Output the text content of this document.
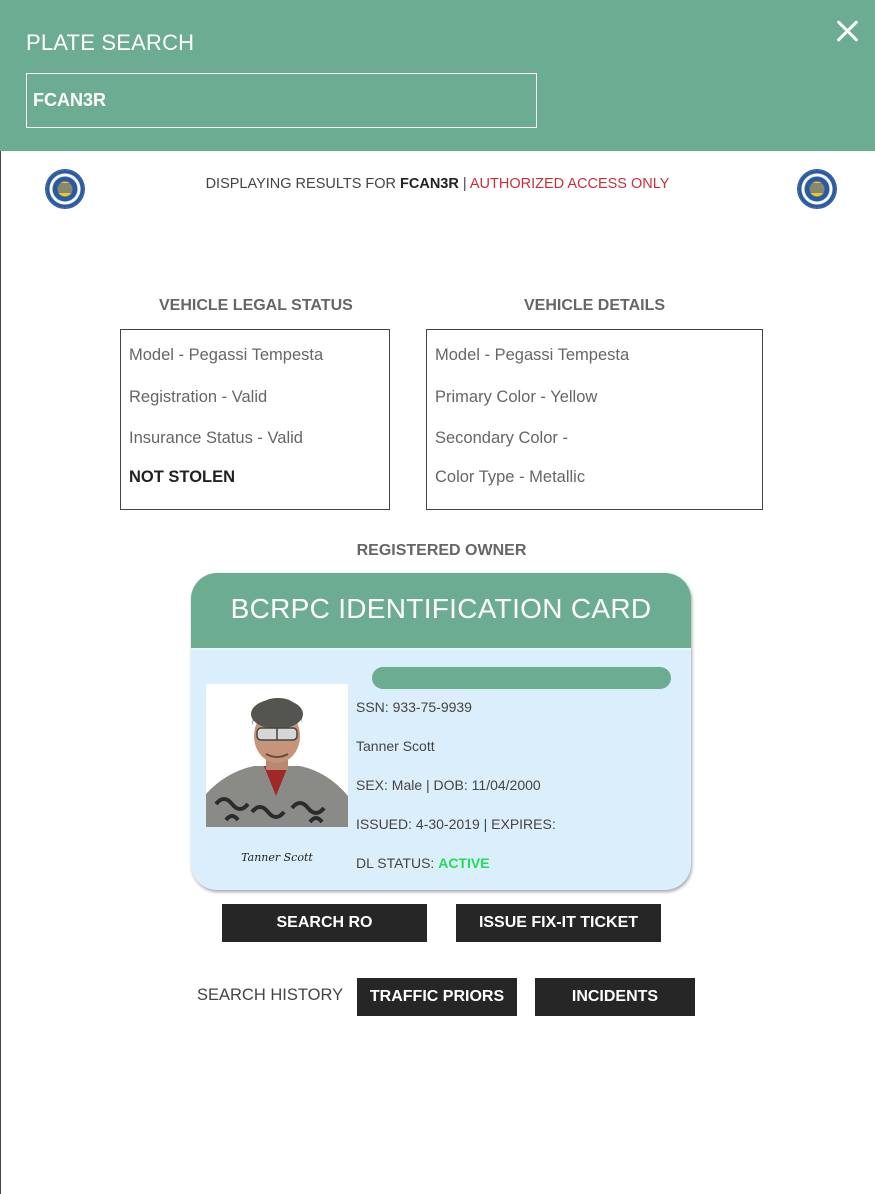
PLATE SEARCH
FCAN3R
DISPLAYING RESULTS FOR FCAN3R | AUTHORIZED ACCESS ONLY
VEHICLE LEGAL STATUS
Model - Pegassi Tempesta
Registration - Valid
Insurance Status - Valid
NOT STOLEN
VEHICLE DETAILS
Model - Pegassi Tempesta
Primary Color - Yellow
Secondary Color -
Color Type - Metallic
REGISTERED OWNER
BCRPC IDENTIFICATION CARD
Tanner Scott
SSN: 933-75-9939
Tanner Scott
SEX: Male | DOB: 11/04/2000
ISSUED: 4-30-2019 | EXPIRES:
DL STATUS: ACTIVE
SEARCH RO	ISSUE FIX-IT TICKET
SEARCH HISTORY	TRAFFIC PRIORS	INCIDENTS
